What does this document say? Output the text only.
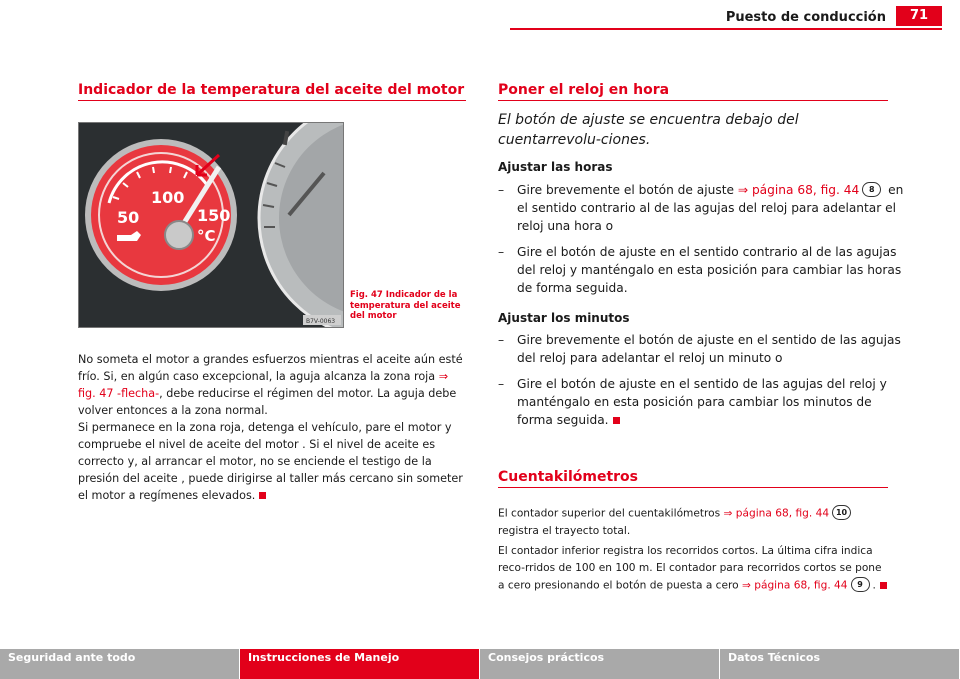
Puesto de conducción	71
Indicador de la temperatura del aceite del motor
100
50	150
°C
B7V-0063
Fig. 47 Indicador de la temperatura del aceite del motor
No someta el motor a grandes esfuerzos mientras el aceite aún esté frío. Si, en algún caso excepcional, la aguja alcanza la zona roja ⇒ fig. 47 -flecha-, debe reducirse el régimen del motor. La aguja debe volver entonces a la zona normal.
Si permanece en la zona roja, detenga el vehículo, pare el motor y compruebe el nivel de aceite del motor . Si el nivel de aceite es correcto y, al arrancar el motor, no se enciende el testigo de la presión del aceite , puede dirigirse al taller más cercano sin someter el motor a regímenes elevados.
Poner el reloj en hora
El botón de ajuste se encuentra debajo del cuentarrevolu-ciones.
Ajustar las horas
– Gire brevemente el botón de ajuste ⇒ página 68, fig. 44 8 en el sentido contrario al de las agujas del reloj para adelantar el reloj una hora o
– Gire el botón de ajuste en el sentido contrario al de las agujas del reloj y manténgalo en esta posición para cambiar las horas de forma seguida.
Ajustar los minutos
– Gire brevemente el botón de ajuste en el sentido de las agujas del reloj para adelantar el reloj un minuto o
– Gire el botón de ajuste en el sentido de las agujas del reloj y manténgalo en esta posición para cambiar los minutos de forma seguida.
Cuentakilómetros
El contador superior del cuentakilómetros ⇒ página 68, fig. 44 10 registra el trayecto total.
El contador inferior registra los recorridos cortos. La última cifra indica reco-rridos de 100 en 100 m. El contador para recorridos cortos se pone a cero presionando el botón de puesta a cero ⇒ página 68, fig. 44 9 .
Seguridad ante todo	Instrucciones de Manejo	Consejos prácticos	Datos Técnicos
